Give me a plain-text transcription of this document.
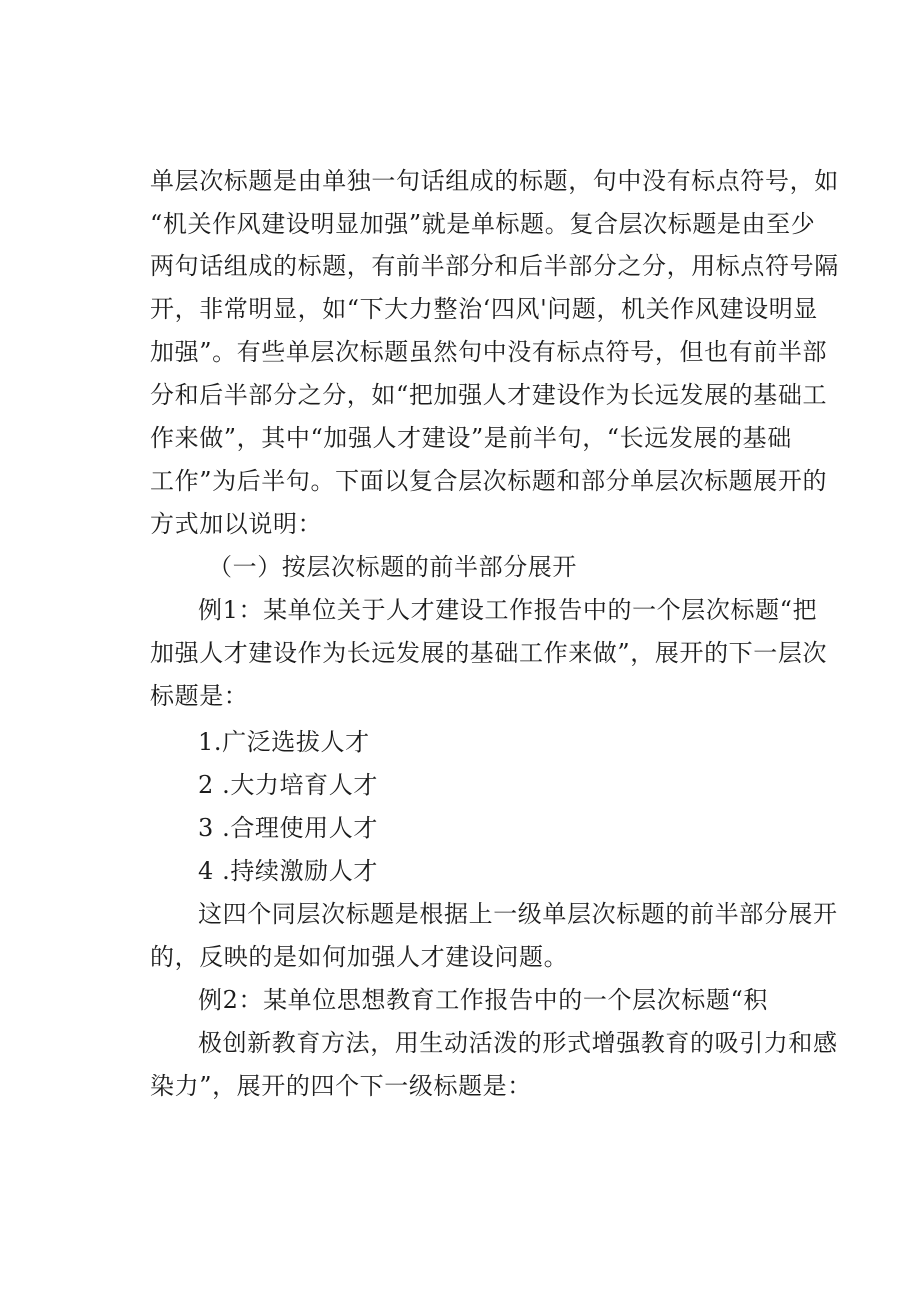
单层次标题是由单独一句话组成的标题，句中没有标点符号，如
“机关作风建设明显加强”就是单标题。复合层次标题是由至少
两句话组成的标题，有前半部分和后半部分之分，用标点符号隔
开，非常明显，如“下大力整治‘四风'问题，机关作风建设明显
加强”。有些单层次标题虽然句中没有标点符号，但也有前半部
分和后半部分之分，如“把加强人才建设作为长远发展的基础工
作来做”，其中“加强人才建设”是前半句，“长远发展的基础
工作”为后半句。下面以复合层次标题和部分单层次标题展开的
方式加以说明：
（一）按层次标题的前半部分展开
例1：某单位关于人才建设工作报告中的一个层次标题“把
加强人才建设作为长远发展的基础工作来做”，展开的下一层次
标题是：
1.广泛选拔人才
2 .大力培育人才
3 .合理使用人才
4 .持续激励人才
这四个同层次标题是根据上一级单层次标题的前半部分展开
的，反映的是如何加强人才建设问题。
例2：某单位思想教育工作报告中的一个层次标题“积
极创新教育方法，用生动活泼的形式增强教育的吸引力和感
染力”，展开的四个下一级标题是：
